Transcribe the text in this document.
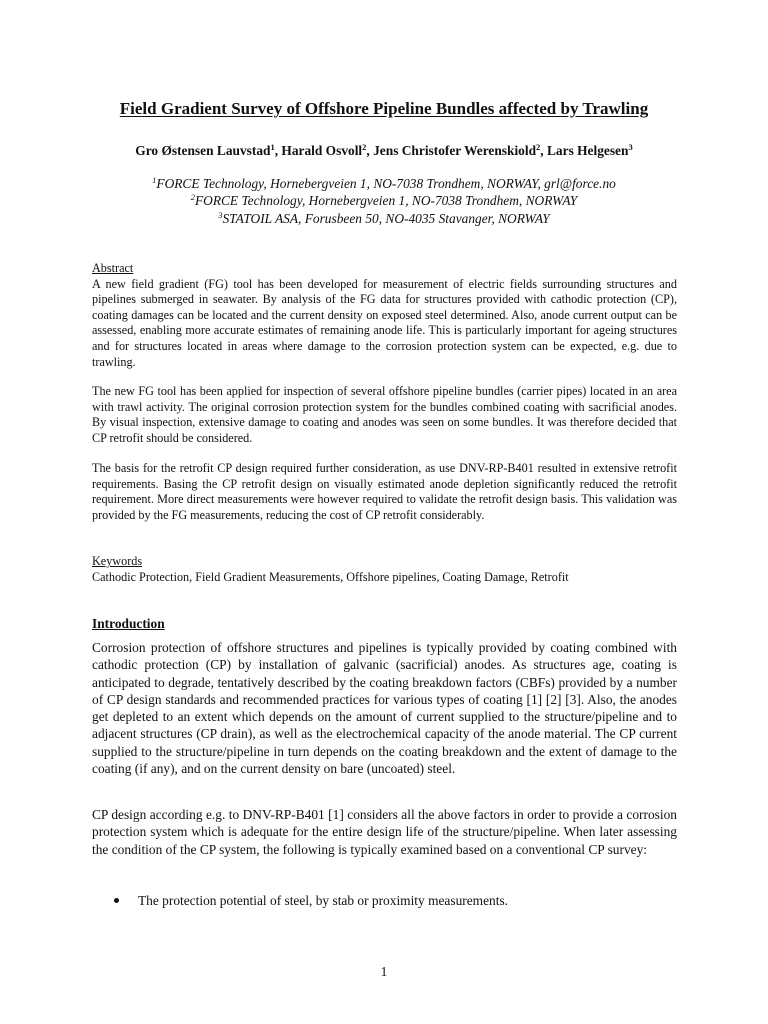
Field Gradient Survey of Offshore Pipeline Bundles affected by Trawling
Gro Østensen Lauvstad$^1$, Harald Osvoll$^2$, Jens Christofer Werenskiold$^2$, Lars Helgesen$^3$
$^1$FORCE Technology, Hornebergveien 1, NO-7038 Trondhem, NORWAY, grl@force.no
$^2$FORCE Technology, Hornebergveien 1, NO-7038 Trondhem, NORWAY
$^3$STATOIL ASA, Forusbeen 50, NO-4035 Stavanger, NORWAY
Abstract
A new field gradient (FG) tool has been developed for measurement of electric fields surrounding structures and pipelines submerged in seawater. By analysis of the FG data for structures provided with cathodic protection (CP), coating damages can be located and the current density on exposed steel determined. Also, anode current output can be assessed, enabling more accurate estimates of remaining anode life. This is particularly important for ageing structures and for structures located in areas where damage to the corrosion protection system can be expected, e.g. due to trawling.
The new FG tool has been applied for inspection of several offshore pipeline bundles (carrier pipes) located in an area with trawl activity. The original corrosion protection system for the bundles combined coating with sacrificial anodes. By visual inspection, extensive damage to coating and anodes was seen on some bundles. It was therefore decided that CP retrofit should be considered.
The basis for the retrofit CP design required further consideration, as use DNV-RP-B401 resulted in extensive retrofit requirements. Basing the CP retrofit design on visually estimated anode depletion significantly reduced the retrofit requirement. More direct measurements were however required to validate the retrofit design basis. This validation was provided by the FG measurements, reducing the cost of CP retrofit considerably.
Keywords
Cathodic Protection, Field Gradient Measurements, Offshore pipelines, Coating Damage, Retrofit
Introduction
Corrosion protection of offshore structures and pipelines is typically provided by coating combined with cathodic protection (CP) by installation of galvanic (sacrificial) anodes. As structures age, coating is anticipated to degrade, tentatively described by the coating breakdown factors (CBFs) provided by a number of CP design standards and recommended practices for various types of coating [1] [2] [3]. Also, the anodes get depleted to an extent which depends on the amount of current supplied to the structure/pipeline and to adjacent structures (CP drain), as well as the electrochemical capacity of the anode material. The CP current supplied to the structure/pipeline in turn depends on the coating breakdown and the extent of damage to the coating (if any), and on the current density on bare (uncoated) steel.
CP design according e.g. to DNV-RP-B401 [1] considers all the above factors in order to provide a corrosion protection system which is adequate for the entire design life of the structure/pipeline. When later assessing the condition of the CP system, the following is typically examined based on a conventional CP survey:
The protection potential of steel, by stab or proximity measurements.
1
